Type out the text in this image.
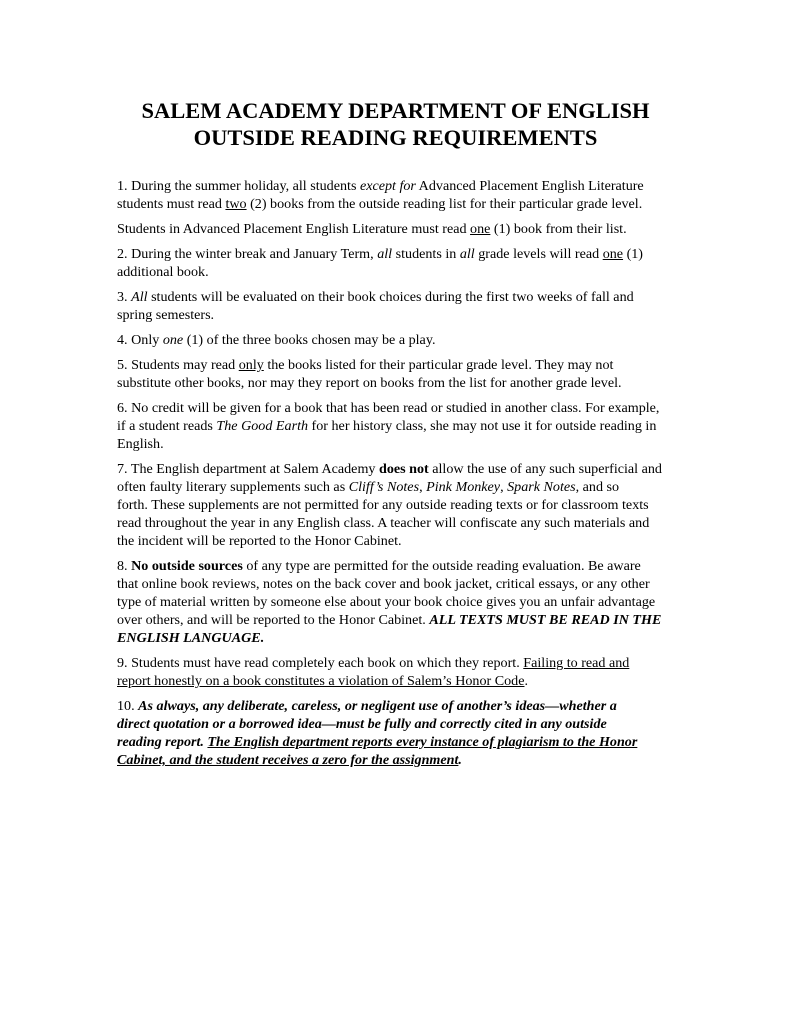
SALEM ACADEMY DEPARTMENT OF ENGLISH
OUTSIDE READING REQUIREMENTS

1. During the summer holiday, all students except for Advanced Placement English Literature
students must read two (2) books from the outside reading list for their particular grade level.

Students in Advanced Placement English Literature must read one (1) book from their list.

2. During the winter break and January Term, all students in all grade levels will read one (1)
additional book.

3. All students will be evaluated on their book choices during the first two weeks of fall and
spring semesters.

4. Only one (1) of the three books chosen may be a play.

5. Students may read only the books listed for their particular grade level. They may not
substitute other books, nor may they report on books from the list for another grade level.

6. No credit will be given for a book that has been read or studied in another class. For example,
if a student reads The Good Earth for her history class, she may not use it for outside reading in
English.

7. The English department at Salem Academy does not allow the use of any such superficial and
often faulty literary supplements such as Cliff’s Notes, Pink Monkey, Spark Notes, and so
forth. These supplements are not permitted for any outside reading texts or for classroom texts
read throughout the year in any English class. A teacher will confiscate any such materials and
the incident will be reported to the Honor Cabinet.

8. No outside sources of any type are permitted for the outside reading evaluation. Be aware
that online book reviews, notes on the back cover and book jacket, critical essays, or any other
type of material written by someone else about your book choice gives you an unfair advantage
over others, and will be reported to the Honor Cabinet. ALL TEXTS MUST BE READ IN THE
ENGLISH LANGUAGE.

9. Students must have read completely each book on which they report. Failing to read and
report honestly on a book constitutes a violation of Salem’s Honor Code.

10. As always, any deliberate, careless, or negligent use of another’s ideas—whether a
direct quotation or a borrowed idea—must be fully and correctly cited in any outside
reading report. The English department reports every instance of plagiarism to the Honor
Cabinet, and the student receives a zero for the assignment.
